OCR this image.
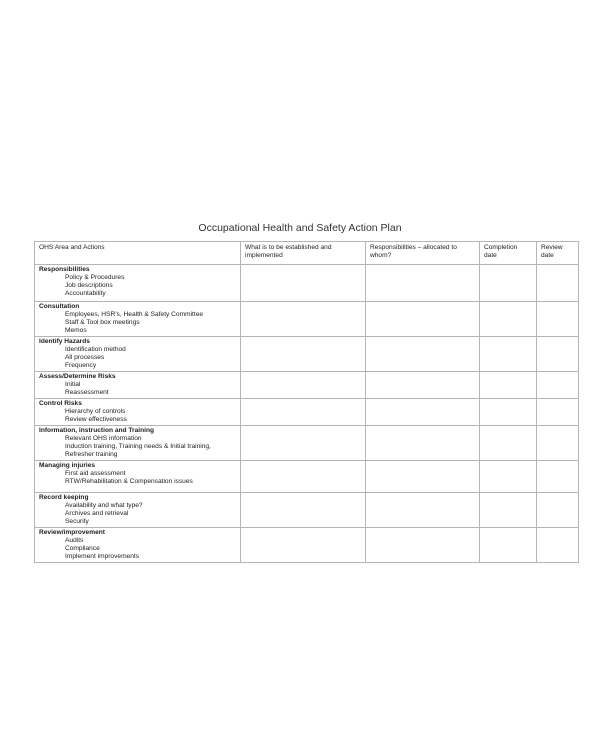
Occupational Health and Safety Action Plan
OHS Area and Actions	What is to be established and implemented	Responsibilities – allocated to whom?	Completion date	Review date

Responsibilities
Policy & Procedures
Job descriptions
Accountability				

Consultation
Employees, HSR’s, Health & Safety Committee
Staff & Tool box meetings
Memos				

Identify Hazards
Identification method
All processes
Frequency				

Assess/Determine Risks
Initial
Reassessment				

Control Risks
Hierarchy of controls
Review effectiveness				

Information, instruction and Training
Relevant OHS information
Induction training, Training needs & Initial training,
Refresher training				

Managing injuries
First aid assessment
RTW/Rehabilitation & Compensation issues				

Record keeping
Availability and what type?
Archives and retrieval
Security				

Review/improvement
Audits
Compliance
Implement improvements				
